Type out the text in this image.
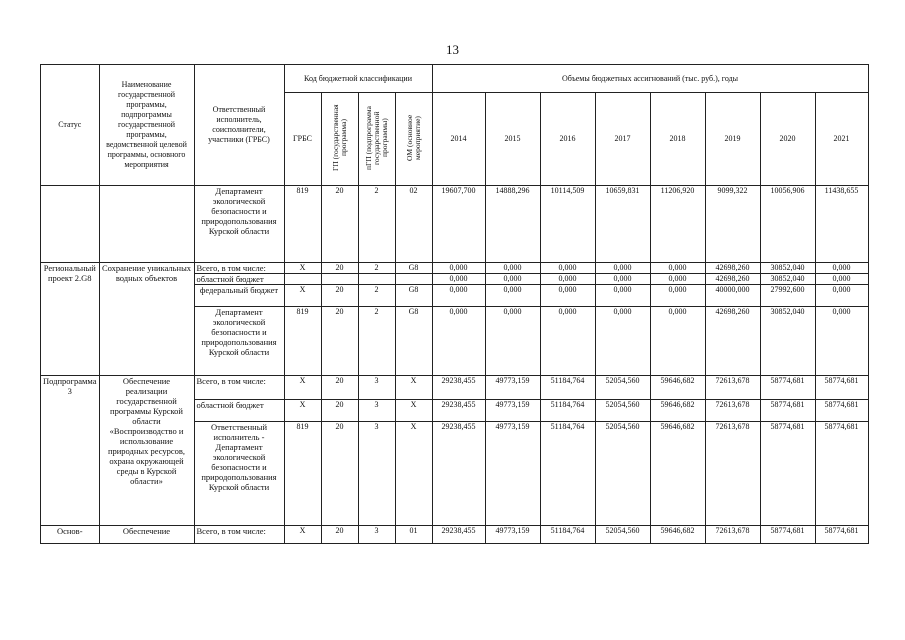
13
Статус	Наименование государственной программы, подпрограммы государственной программы, ведомственной целевой программы, основного мероприятия	Ответственный исполнитель, соисполнители, участники (ГРБС)	Код бюджетной классификации				Объемы бюджетных ассигнований (тыс. руб.), годы							
			ГРБС	ГП (государственная программа)	пГП (подпрограмма государственной программы)	ОМ (основное мероприятие)	2014	2015	2016	2017	2018	2019	2020	2021
		Департамент экологической безопасности и природопользования Курской области	819	20	2	02	19607,700	14888,296	10114,509	10659,831	11206,920	9099,322	10056,906	11438,655
Региональный проект 2.G8	Сохранение уникальных водных объектов	Всего, в том числе:	X	20	2	G8	0,000	0,000	0,000	0,000	0,000	42698,260	30852,040	0,000
		областной бюджет					0,000	0,000	0,000	0,000	0,000	42698,260	30852,040	0,000
		федеральный бюджет	X	20	2	G8	0,000	0,000	0,000	0,000	0,000	40000,000	27992,600	0,000
		Департамент экологической безопасности и природопользования Курской области	819	20	2	G8	0,000	0,000	0,000	0,000	0,000	42698,260	30852,040	0,000
Подпрограмма 3	Обеспечение реализации государственной программы Курской области «Воспроизводство и использование природных ресурсов, охрана окружающей среды в Курской области»	Всего, в том числе:	X	20	3	X	29238,455	49773,159	51184,764	52054,560	59646,682	72613,678	58774,681	58774,681
		областной бюджет	X	20	3	X	29238,455	49773,159	51184,764	52054,560	59646,682	72613,678	58774,681	58774,681
		Ответственный исполнитель - Департамент экологической безопасности и природопользования Курской области	819	20	3	X	29238,455	49773,159	51184,764	52054,560	59646,682	72613,678	58774,681	58774,681
Основ-	Обеспечение	Всего, в том числе:	X	20	3	01	29238,455	49773,159	51184,764	52054,560	59646,682	72613,678	58774,681	58774,681
